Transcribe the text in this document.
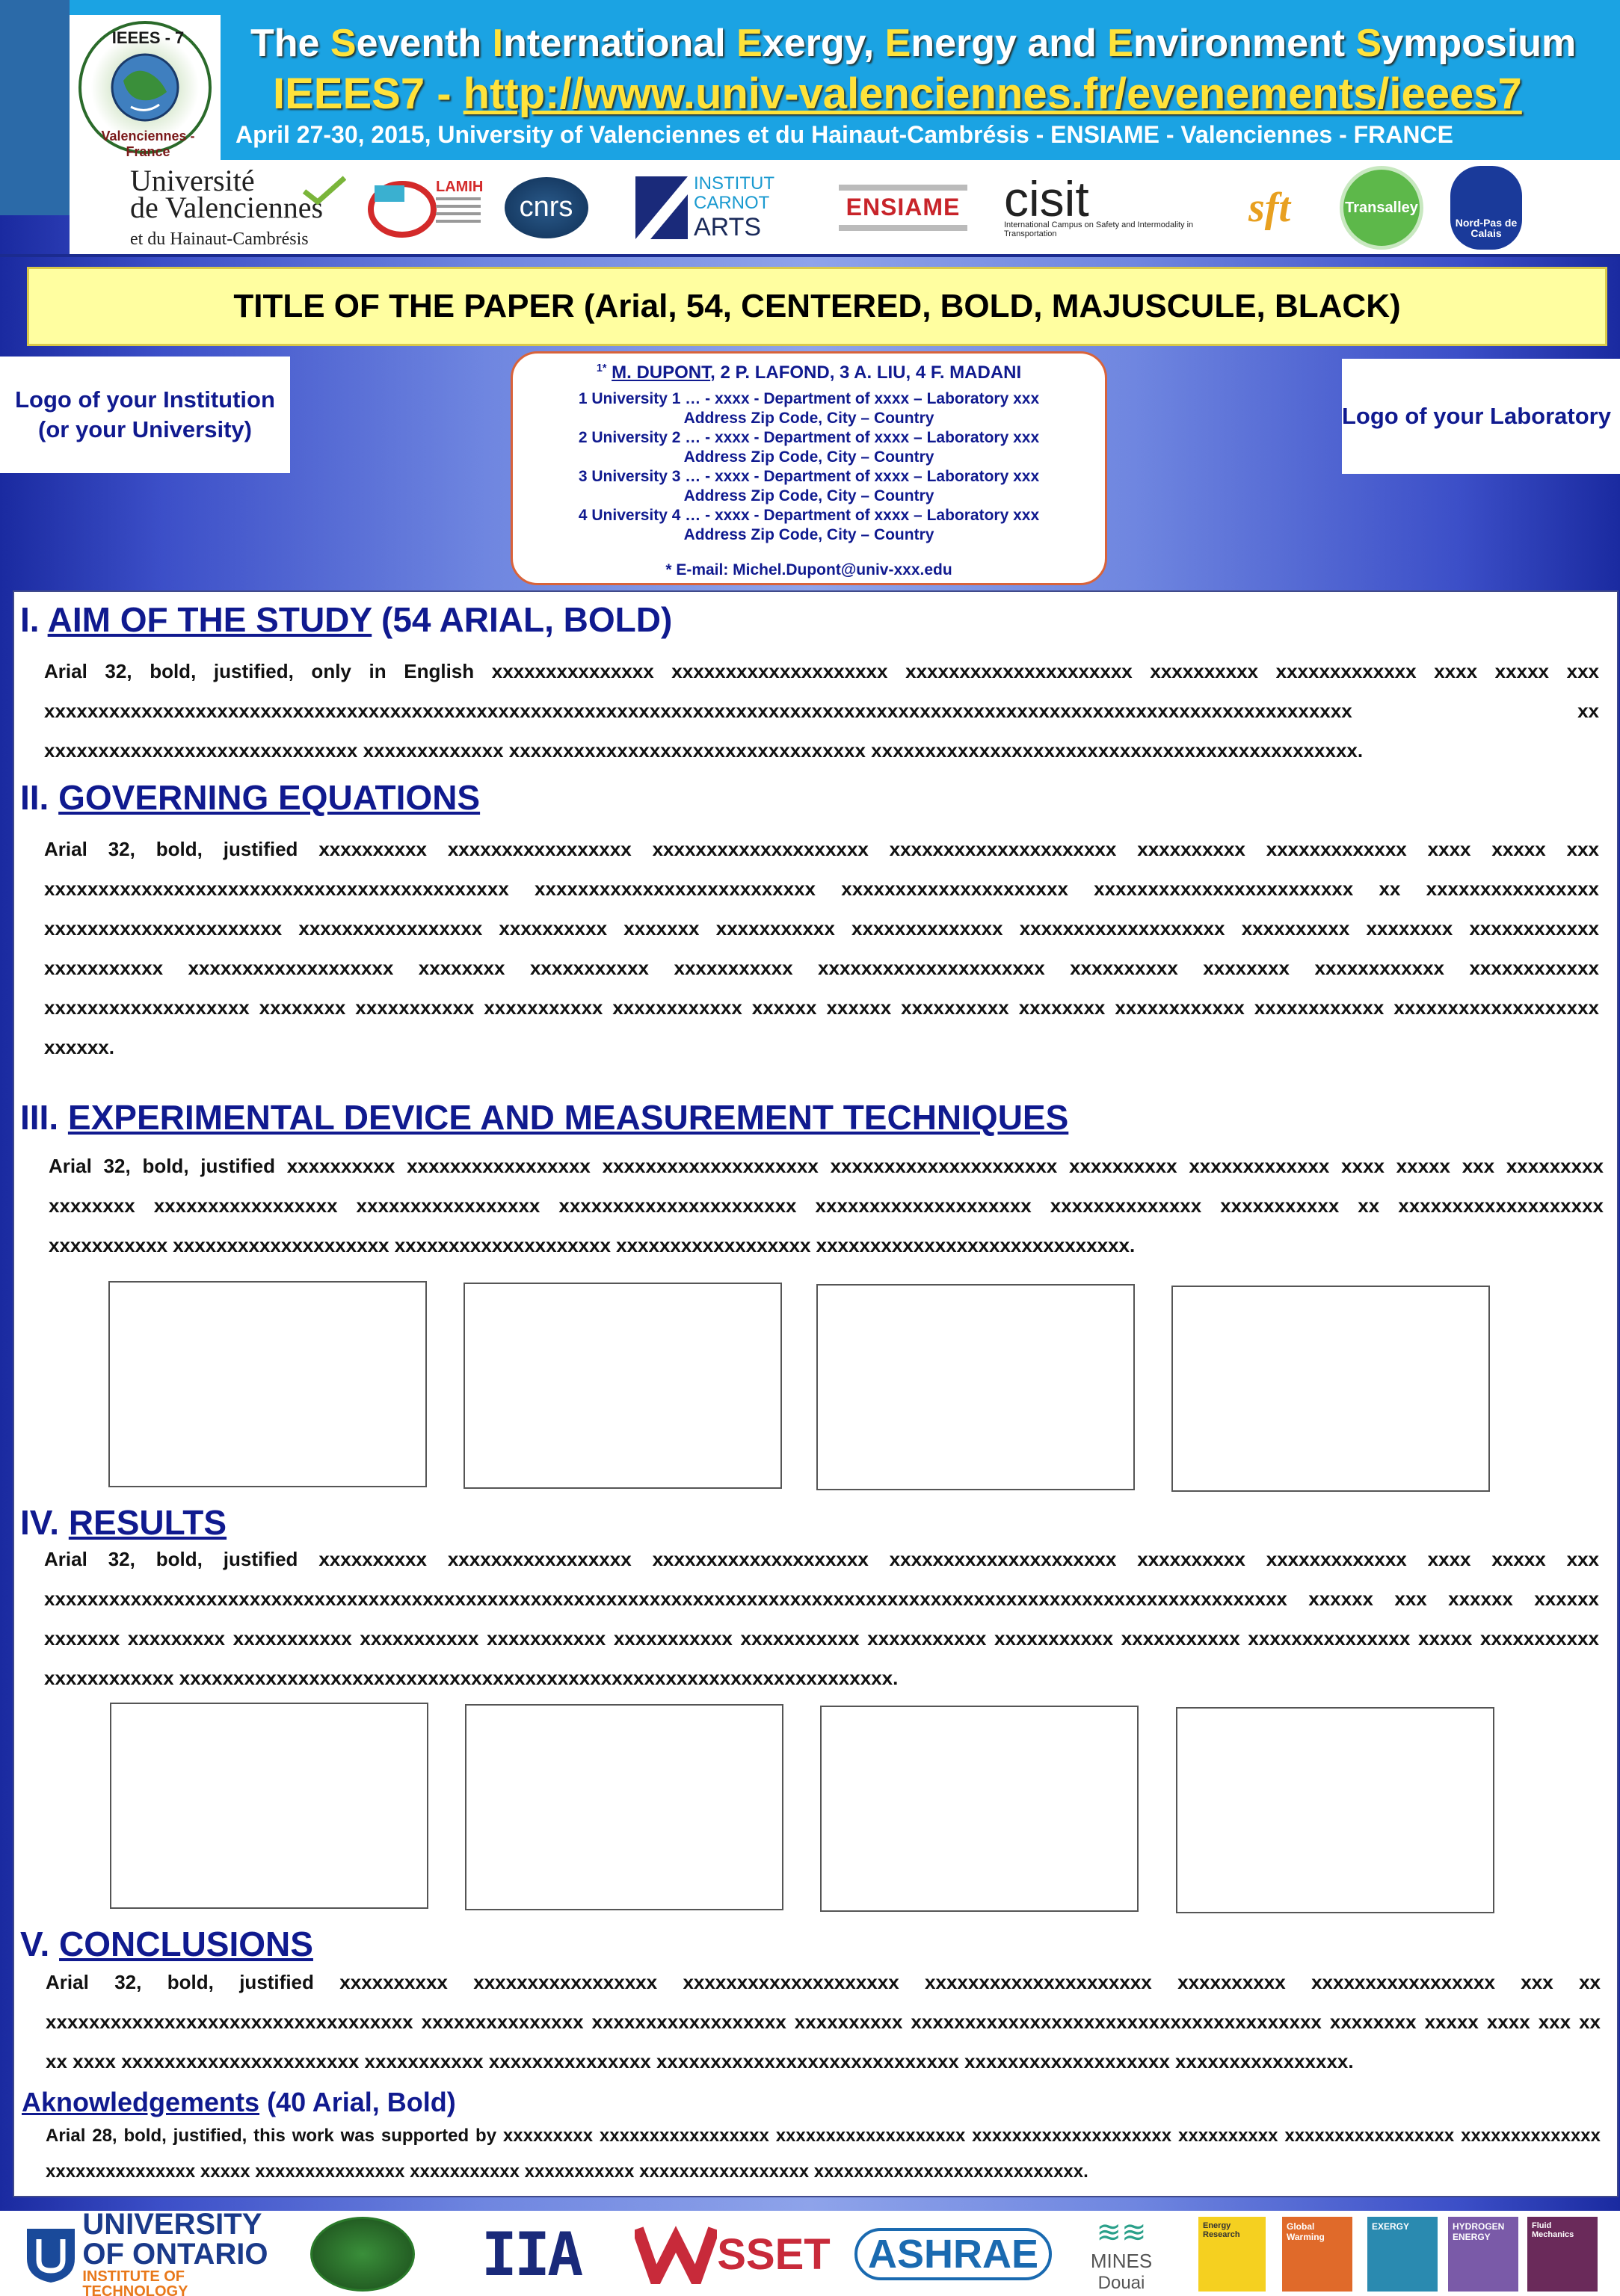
IEEES - 7
Valenciennes - France
The Seventh International Exergy, Energy and Environment Symposium
IEEES7 - http://www.univ-valenciennes.fr/evenements/ieees7
April 27-30, 2015, University of Valenciennes et du Hainaut-Cambrésis - ENSIAME - Valenciennes - FRANCE
Université
de Valenciennes
et du Hainaut-Cambrésis
LAMIH
cnrs
INSTITUT
CARNOT
ARTS
ENSIAME cisit
International Campus on Safety and Intermodality in Transportation
sft	Transalley
Nord-Pas de Calais
TITLE OF THE PAPER (Arial, 54, CENTERED, BOLD, MAJUSCULE, BLACK)
Logo of your Institution (or your University)
Logo of your Laboratory
$^{1*}$ M. DUPONT, 2 P. LAFOND, 3 A. LIU, 4 F. MADANI
1 University 1 … - xxxx - Department of xxxx – Laboratory xxx
Address Zip Code, City – Country
2 University 2 … - xxxx - Department of xxxx – Laboratory xxx
Address Zip Code, City – Country
3 University 3 … - xxxx - Department of xxxx – Laboratory xxx
Address Zip Code, City – Country
4 University 4 … - xxxx - Department of xxxx – Laboratory xxx
Address Zip Code, City – Country
* E-mail: Michel.Dupont@univ-xxx.edu
I. AIM OF THE STUDY (54 ARIAL, BOLD)
Arial 32, bold, justified, only in English xxxxxxxxxxxxxxx xxxxxxxxxxxxxxxxxxxx xxxxxxxxxxxxxxxxxxxxx xxxxxxxxxx xxxxxxxxxxxxx xxxx xxxxx xxx xxxxxxxxxxxxxxxxxxxxxxxxxxxxxxxxxxxxxxxxxxxxxxxxxxxxxxxxxxxxxxxxxxxxxxxxxxxxxxxxxxxxxxxxxxxxxxxxxxxxxxxxxxxxxxxxxxxxxxxxx xx xxxxxxxxxxxxxxxxxxxxxxxxxxxxx xxxxxxxxxxxxx xxxxxxxxxxxxxxxxxxxxxxxxxxxxxxxxx xxxxxxxxxxxxxxxxxxxxxxxxxxxxxxxxxxxxxxxxxxxxx.
II. GOVERNING EQUATIONS
Arial 32, bold, justified xxxxxxxxxx xxxxxxxxxxxxxxxxx xxxxxxxxxxxxxxxxxxxx xxxxxxxxxxxxxxxxxxxxx xxxxxxxxxx xxxxxxxxxxxxx xxxx xxxxx xxx xxxxxxxxxxxxxxxxxxxxxxxxxxxxxxxxxxxxxxxxxxx xxxxxxxxxxxxxxxxxxxxxxxxxx xxxxxxxxxxxxxxxxxxxxx xxxxxxxxxxxxxxxxxxxxxxxx xx xxxxxxxxxxxxxxxx xxxxxxxxxxxxxxxxxxxxxx xxxxxxxxxxxxxxxxx xxxxxxxxxx xxxxxxx xxxxxxxxxxx xxxxxxxxxxxxxx xxxxxxxxxxxxxxxxxxx xxxxxxxxxx xxxxxxxx xxxxxxxxxxxx xxxxxxxxxxx xxxxxxxxxxxxxxxxxxx xxxxxxxx xxxxxxxxxxx xxxxxxxxxxx xxxxxxxxxxxxxxxxxxxxx xxxxxxxxxx xxxxxxxx xxxxxxxxxxxx xxxxxxxxxxxx xxxxxxxxxxxxxxxxxxx xxxxxxxx xxxxxxxxxxx xxxxxxxxxxx xxxxxxxxxxxx xxxxxx xxxxxx xxxxxxxxxx xxxxxxxx xxxxxxxxxxxx xxxxxxxxxxxx xxxxxxxxxxxxxxxxxxx xxxxxx.
III. EXPERIMENTAL DEVICE AND MEASUREMENT TECHNIQUES
Arial 32, bold, justified xxxxxxxxxx xxxxxxxxxxxxxxxxx xxxxxxxxxxxxxxxxxxxx xxxxxxxxxxxxxxxxxxxxx xxxxxxxxxx xxxxxxxxxxxxx xxxx xxxxx xxx xxxxxxxxx xxxxxxxx xxxxxxxxxxxxxxxxx xxxxxxxxxxxxxxxxx xxxxxxxxxxxxxxxxxxxxxx xxxxxxxxxxxxxxxxxxxx xxxxxxxxxxxxxx xxxxxxxxxxx xx xxxxxxxxxxxxxxxxxxx xxxxxxxxxxx xxxxxxxxxxxxxxxxxxxx xxxxxxxxxxxxxxxxxxxx xxxxxxxxxxxxxxxxxx xxxxxxxxxxxxxxxxxxxxxxxxxxxxx.
IV. RESULTS
Arial 32, bold, justified xxxxxxxxxx xxxxxxxxxxxxxxxxx xxxxxxxxxxxxxxxxxxxx xxxxxxxxxxxxxxxxxxxxx xxxxxxxxxx xxxxxxxxxxxxx xxxx xxxxx xxx xxxxxxxxxxxxxxxxxxxxxxxxxxxxxxxxxxxxxxxxxxxxxxxxxxxxxxxxxxxxxxxxxxxxxxxxxxxxxxxxxxxxxxxxxxxxxxxxxxxxxxxxxxxxxxxxxxx xxxxxx xxx xxxxxx xxxxxx xxxxxxx xxxxxxxxx xxxxxxxxxxx xxxxxxxxxxx xxxxxxxxxxx xxxxxxxxxxx xxxxxxxxxxx xxxxxxxxxxx xxxxxxxxxxx xxxxxxxxxxx xxxxxxxxxxxxxxx xxxxx xxxxxxxxxxx xxxxxxxxxxxx xxxxxxxxxxxxxxxxxxxxxxxxxxxxxxxxxxxxxxxxxxxxxxxxxxxxxxxxxxxxxxxxxx.
V. CONCLUSIONS
Arial 32, bold, justified xxxxxxxxxx xxxxxxxxxxxxxxxxx xxxxxxxxxxxxxxxxxxxx xxxxxxxxxxxxxxxxxxxxx xxxxxxxxxx xxxxxxxxxxxxxxxxx xxx xx xxxxxxxxxxxxxxxxxxxxxxxxxxxxxxxxxx xxxxxxxxxxxxxxx xxxxxxxxxxxxxxxxxx xxxxxxxxxx xxxxxxxxxxxxxxxxxxxxxxxxxxxxxxxxxxxxxx xxxxxxxx xxxxx xxxx xxx xx xx xxxx xxxxxxxxxxxxxxxxxxxxxx xxxxxxxxxxx xxxxxxxxxxxxxxx xxxxxxxxxxxxxxxxxxxxxxxxxxxx xxxxxxxxxxxxxxxxxxx xxxxxxxxxxxxxxxx.
Aknowledgements (40 Arial, Bold)
Arial 28, bold, justified, this work was supported by xxxxxxxxx xxxxxxxxxxxxxxxxx xxxxxxxxxxxxxxxxxxx xxxxxxxxxxxxxxxxxxxx xxxxxxxxxx xxxxxxxxxxxxxxxxx xxxxxxxxxxxxxx xxxxxxxxxxxxxxx xxxxx xxxxxxxxxxxxxxx xxxxxxxxxxx xxxxxxxxxxx xxxxxxxxxxxxxxxxx xxxxxxxxxxxxxxxxxxxxxxxxxxx.
UNIVERSITY
OF ONTARIO
INSTITUTE OF TECHNOLOGY
IIA	SSET ASHRAE	≋≋
MINES
Douai
Energy Research
Global Warming
EXERGY	HYDROGEN ENERGY
Fluid Mechanics
